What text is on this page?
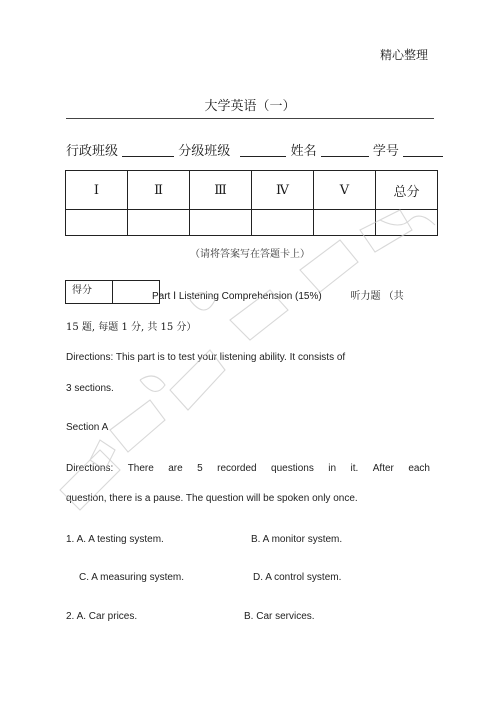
精心整理
大学英语（一）
行政班级	分级班级	姓名	学号
Ⅰ	Ⅱ	Ⅲ	Ⅳ	Ⅴ	总分

（请将答案写在答题卡上）
得分	
Part Ⅰ Listening Comprehension (15%)	听力题 （共
15 题, 每题 1 分, 共 15 分）
Directions: This part is to test your listening ability. It consists of
3 sections.
Section A
Directions: There are 5 recorded questions in it. After each
question, there is a pause. The question will be spoken only once.
1. A. A testing system.	B. A monitor system.
C. A measuring system.	D. A control system.
2. A. Car prices.	B. Car services.
